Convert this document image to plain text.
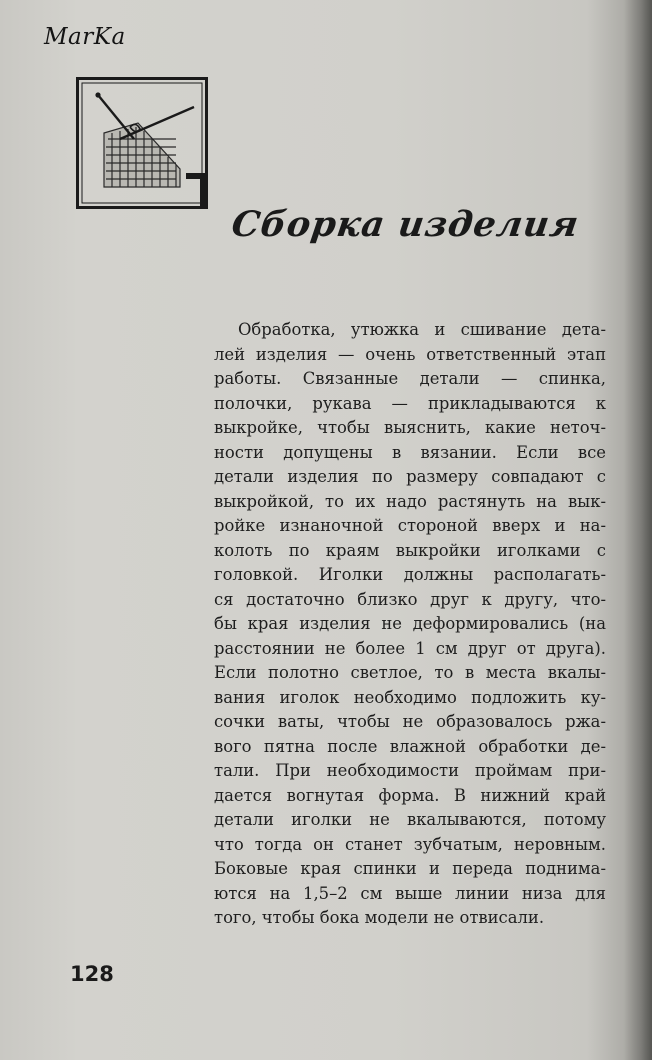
MarKa
Сборка изделия
Обработка, утюжка и сшивание дета-
лей изделия — очень ответственный этап
работы. Связанные детали — спинка,
полочки, рукава — прикладываются к
выкройке, чтобы выяснить, какие неточ-
ности допущены в вязании. Если все
детали изделия по размеру совпадают с
выкройкой, то их надо растянуть на вык-
ройке изнаночной стороной вверх и на-
колоть по краям выкройки иголками с
головкой. Иголки должны располагать-
ся достаточно близко друг к другу, что-
бы края изделия не деформировались (на
расстоянии не более 1 см друг от друга).
Если полотно светлое, то в места вкалы-
вания иголок необходимо подложить ку-
сочки ваты, чтобы не образовалось ржа-
вого пятна после влажной обработки де-
тали. При необходимости проймам при-
дается вогнутая форма. В нижний край
детали иголки не вкалываются, потому
что тогда он станет зубчатым, неровным.
Боковые края спинки и переда поднима-
ются на 1,5–2 см выше линии низа для
того, чтобы бока модели не отвисали.
128
